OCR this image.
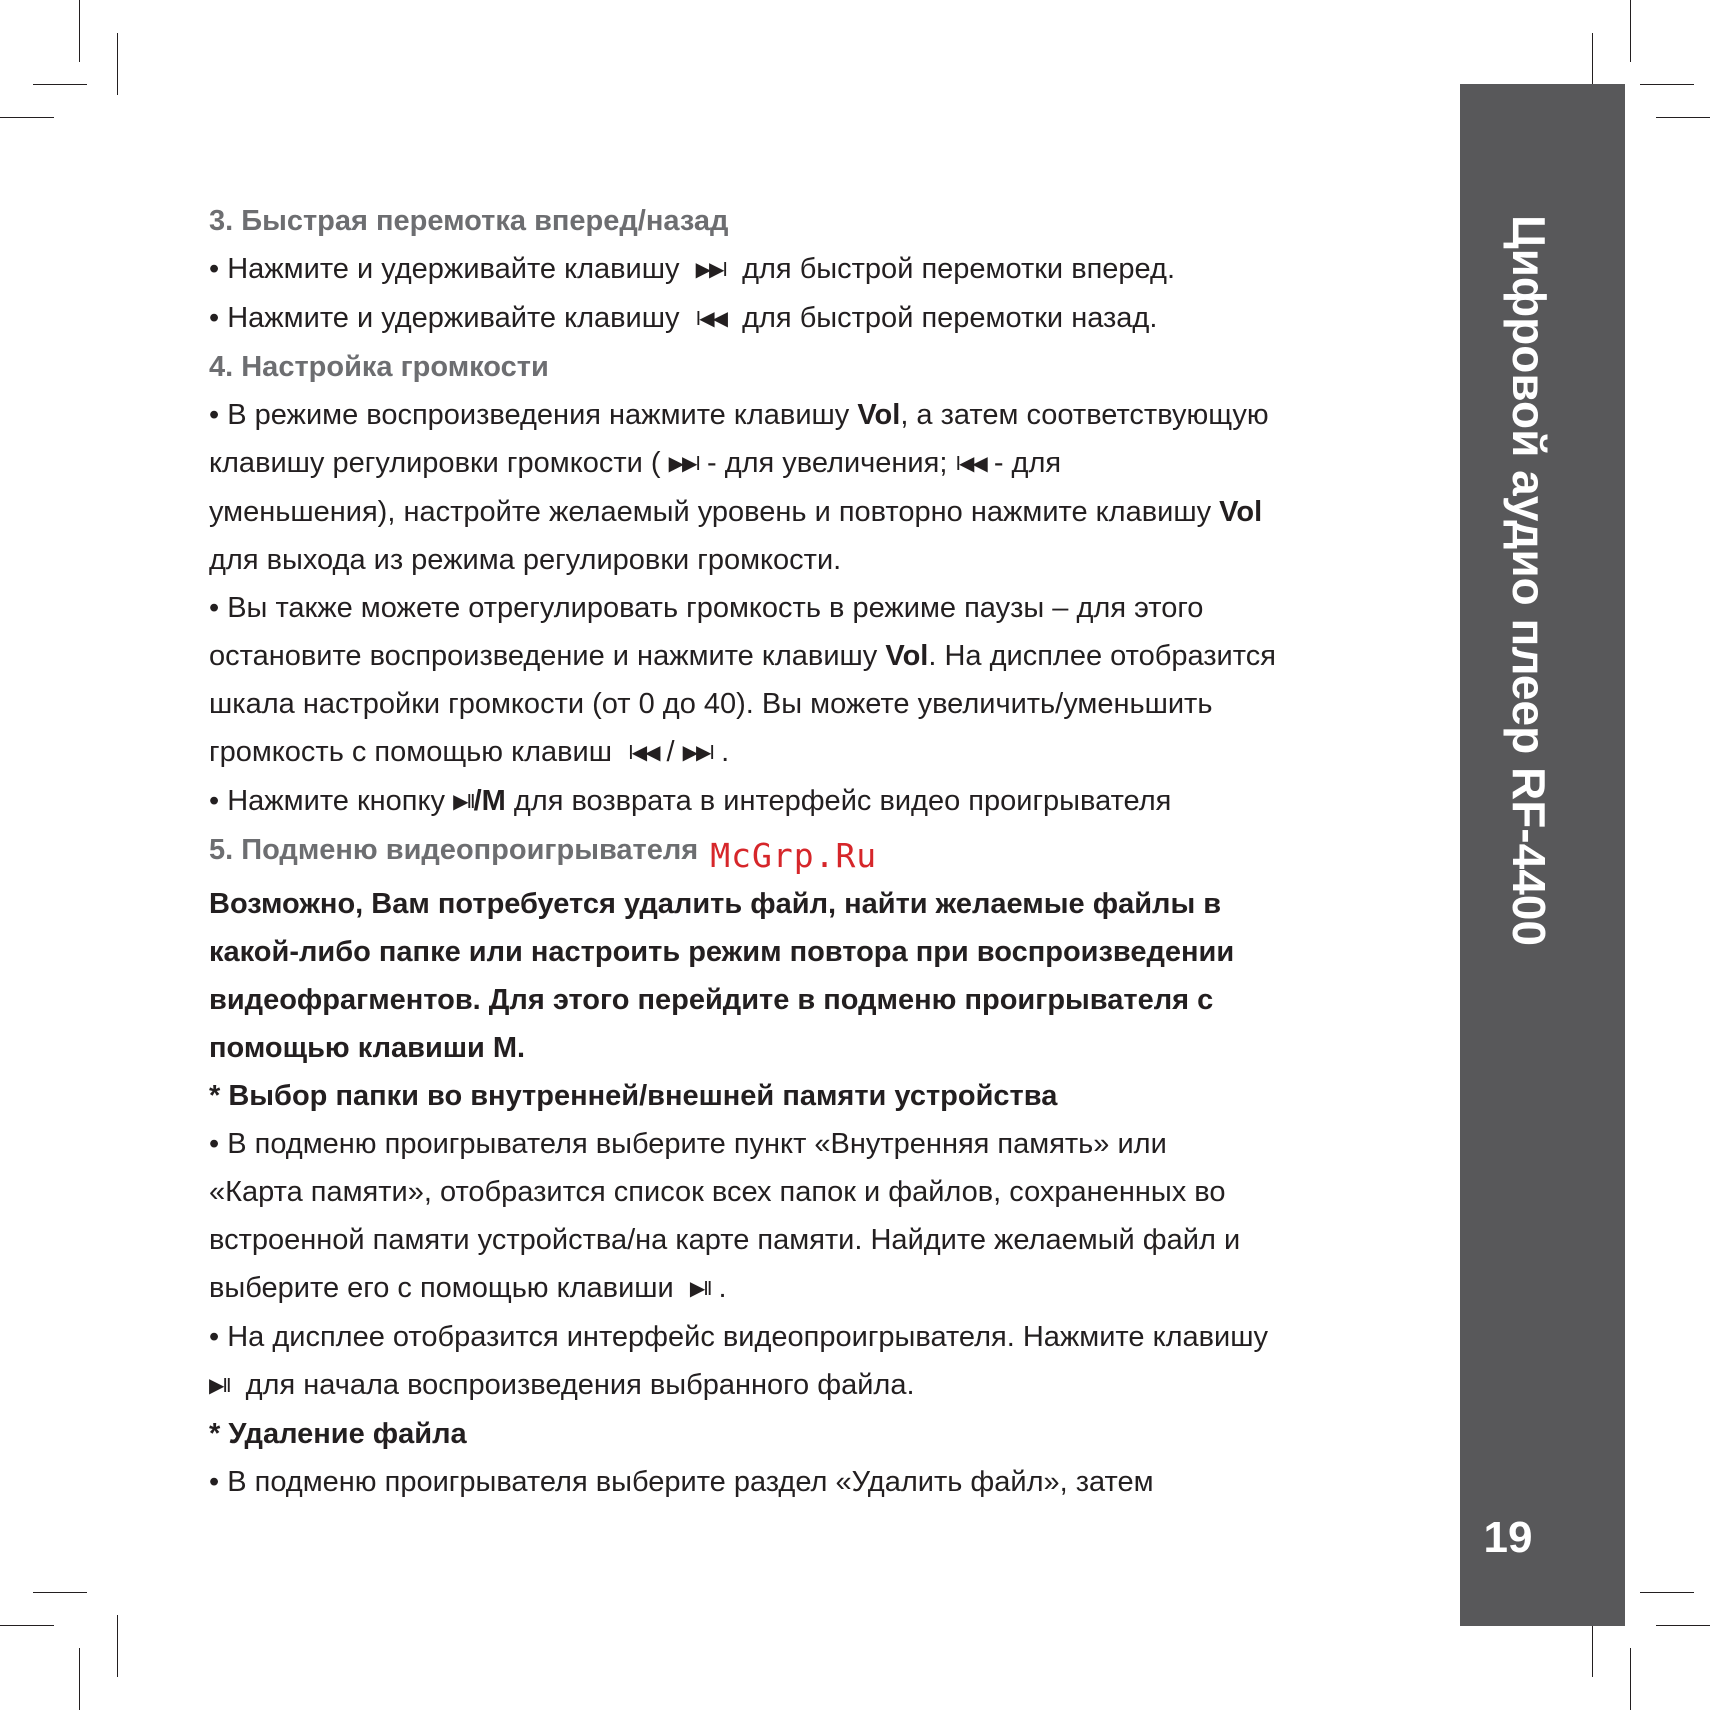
Цифровой аудио плеер RF-4400
19

3. Быстрая перемотка вперед/назад

• Нажмите и удерживайте клавишу ▶▶I для быстрой перемотки вперед.

• Нажмите и удерживайте клавишу I◀◀ для быстрой перемотки назад.

4. Настройка громкости

• В режиме воспроизведения нажмите клавишу Vol, а затем соответствующую

клавишу регулировки громкости ( ▶▶I - для увеличения; I◀◀ - для

уменьшения), настройте желаемый уровень и повторно нажмите клавишу Vol

для выхода из режима регулировки громкости.

• Вы также можете отрегулировать громкость в режиме паузы – для этого

остановите воспроизведение и нажмите клавишу Vol. На дисплее отобразится

шкала настройки громкости (от 0 до 40). Вы можете увеличить/уменьшить

громкость с помощью клавиш I◀◀ / ▶▶I .

• Нажмите кнопку ▶II/M для возврата в интерфейс видео проигрывателя

5. Подменю видеопроигрывателя McGrp.Ru

Возможно, Вам потребуется удалить файл, найти желаемые файлы в

какой-либо папке или настроить режим повтора при воспроизведении

видеофрагментов. Для этого перейдите в подменю проигрывателя с

помощью клавиши M.

* Выбор папки во внутренней/внешней памяти устройства

• В подменю проигрывателя выберите пункт «Внутренняя память» или

«Карта памяти», отобразится список всех папок и файлов, сохраненных во

встроенной памяти устройства/на карте памяти. Найдите желаемый файл и

выберите его с помощью клавиши ▶II .

• На дисплее отобразится интерфейс видеопроигрывателя. Нажмите клавишу

▶II для начала воспроизведения выбранного файла.

* Удаление файла

• В подменю проигрывателя выберите раздел «Удалить файл», затем
